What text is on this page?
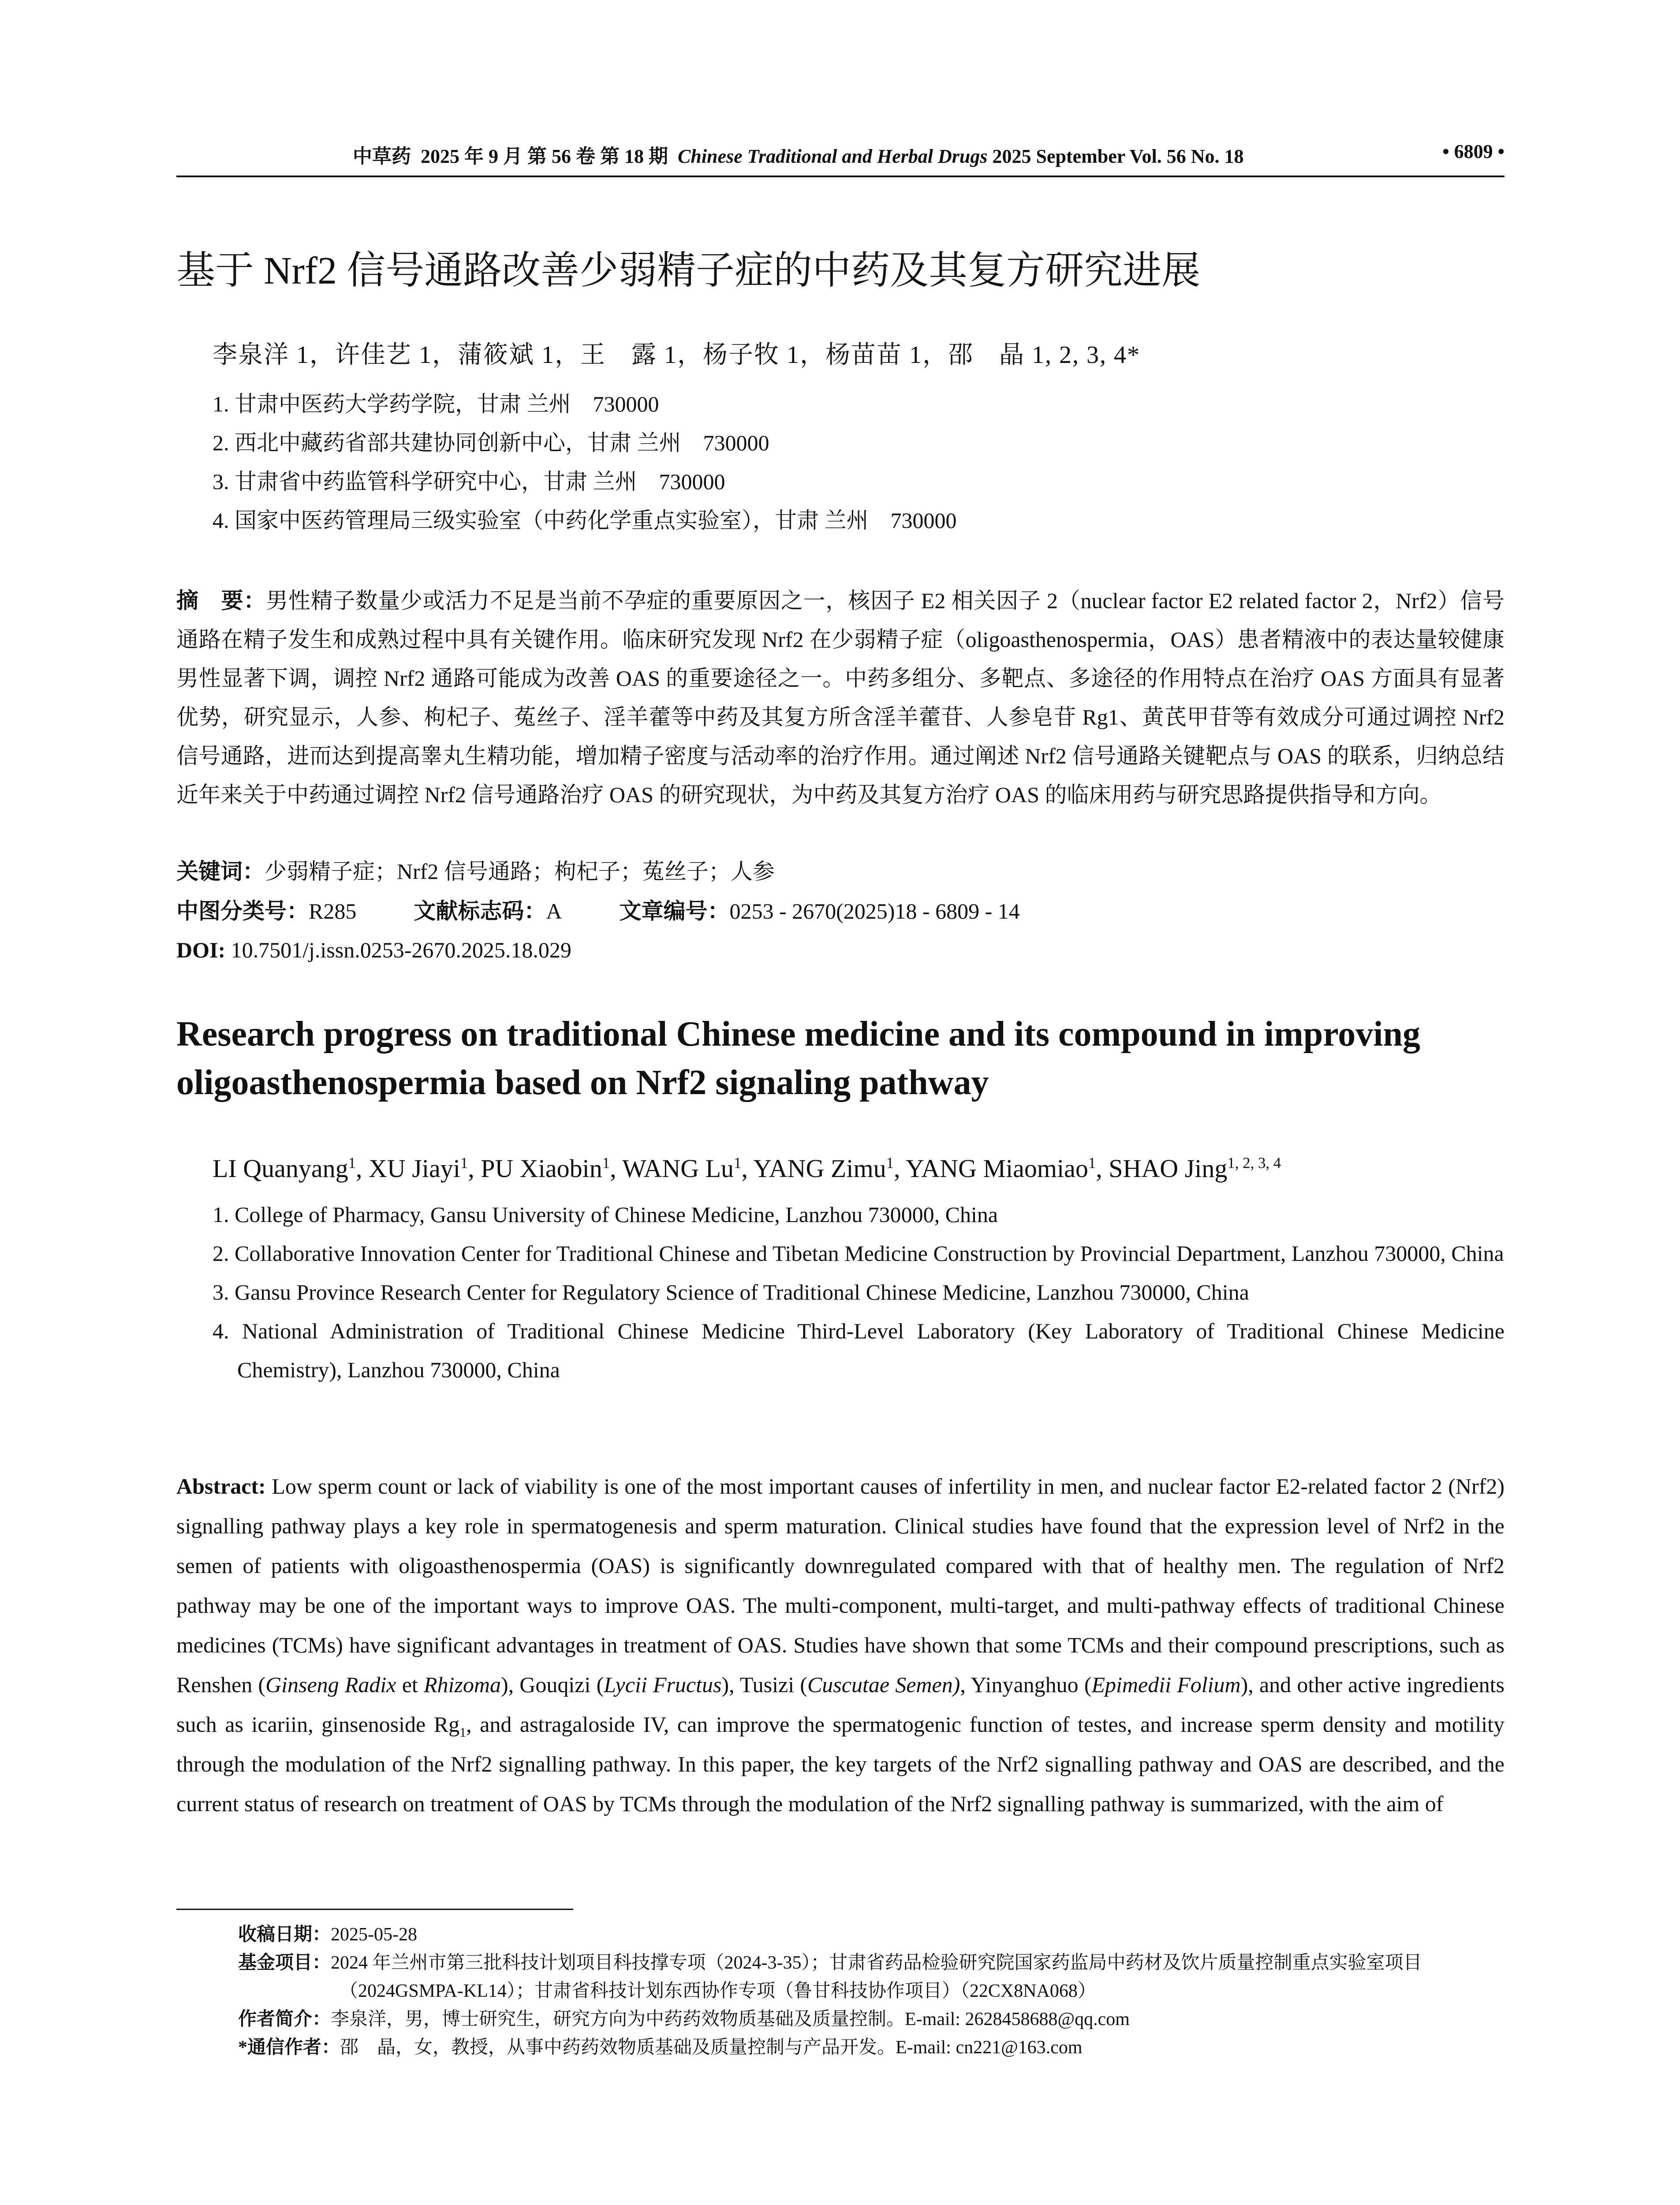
中草药 2025 年 9 月 第 56 卷 第 18 期 Chinese Traditional and Herbal Drugs 2025 September Vol. 56 No. 18	• 6809 •
基于 Nrf2 信号通路改善少弱精子症的中药及其复方研究进展
李泉洋 1，许佳艺 1，蒲筱斌 1，王　露 1，杨子牧 1，杨苗苗 1，邵　晶 1, 2, 3, 4*
1. 甘肃中医药大学药学院，甘肃 兰州　730000
2. 西北中藏药省部共建协同创新中心，甘肃 兰州　730000
3. 甘肃省中药监管科学研究中心，甘肃 兰州　730000
4. 国家中医药管理局三级实验室（中药化学重点实验室），甘肃 兰州　730000
摘　要：男性精子数量少或活力不足是当前不孕症的重要原因之一，核因子 E2 相关因子 2（nuclear factor E2 related factor 2，Nrf2）信号通路在精子发生和成熟过程中具有关键作用。临床研究发现 Nrf2 在少弱精子症（oligoasthenospermia，OAS）患者精液中的表达量较健康男性显著下调，调控 Nrf2 通路可能成为改善 OAS 的重要途径之一。中药多组分、多靶点、多途径的作用特点在治疗 OAS 方面具有显著优势，研究显示，人参、枸杞子、菟丝子、淫羊藿等中药及其复方所含淫羊藿苷、人参皂苷 Rg1、黄芪甲苷等有效成分可通过调控 Nrf2 信号通路，进而达到提高睾丸生精功能，增加精子密度与活动率的治疗作用。通过阐述 Nrf2 信号通路关键靶点与 OAS 的联系，归纳总结近年来关于中药通过调控 Nrf2 信号通路治疗 OAS 的研究现状，为中药及其复方治疗 OAS 的临床用药与研究思路提供指导和方向。
关键词：少弱精子症；Nrf2 信号通路；枸杞子；菟丝子；人参
中图分类号：R285	文献标志码：A	文章编号：0253 - 2670(2025)18 - 6809 - 14
DOI: 10.7501/j.issn.0253-2670.2025.18.029
Research progress on traditional Chinese medicine and its compound in improving oligoasthenospermia based on Nrf2 signaling pathway
LI Quanyang$^1$, XU Jiayi$^1$, PU Xiaobin$^1$, WANG Lu$^1$, YANG Zimu$^1$, YANG Miaomiao$^1$, SHAO Jing$^{1, 2, 3, 4}$
1. College of Pharmacy, Gansu University of Chinese Medicine, Lanzhou 730000, China
2. Collaborative Innovation Center for Traditional Chinese and Tibetan Medicine Construction by Provincial Department, Lanzhou 730000, China
3. Gansu Province Research Center for Regulatory Science of Traditional Chinese Medicine, Lanzhou 730000, China
4. National Administration of Traditional Chinese Medicine Third-Level Laboratory (Key Laboratory of Traditional Chinese Medicine Chemistry), Lanzhou 730000, China
Abstract: Low sperm count or lack of viability is one of the most important causes of infertility in men, and nuclear factor E2-related factor 2 (Nrf2) signalling pathway plays a key role in spermatogenesis and sperm maturation. Clinical studies have found that the expression level of Nrf2 in the semen of patients with oligoasthenospermia (OAS) is significantly downregulated compared with that of healthy men. The regulation of Nrf2 pathway may be one of the important ways to improve OAS. The multi-component, multi-target, and multi-pathway effects of traditional Chinese medicines (TCMs) have significant advantages in treatment of OAS. Studies have shown that some TCMs and their compound prescriptions, such as Renshen (Ginseng Radix et Rhizoma), Gouqizi (Lycii Fructus), Tusizi (Cuscutae Semen), Yinyanghuo (Epimedii Folium), and other active ingredients such as icariin, ginsenoside $Rg_1$, and astragaloside IV, can improve the spermatogenic function of testes, and increase sperm density and motility through the modulation of the Nrf2 signalling pathway. In this paper, the key targets of the Nrf2 signalling pathway and OAS are described, and the current status of research on treatment of OAS by TCMs through the modulation of the Nrf2 signalling pathway is summarized, with the aim of
收稿日期：2025-05-28
基金项目：2024 年兰州市第三批科技计划项目科技撑专项（2024-3-35）；甘肃省药品检验研究院国家药监局中药材及饮片质量控制重点实验室项目（2024GSMPA-KL14）；甘肃省科技计划东西协作专项（鲁甘科技协作项目）（22CX8NA068）
作者简介：李泉洋，男，博士研究生，研究方向为中药药效物质基础及质量控制。E-mail: 2628458688@qq.com
*通信作者：邵　晶，女，教授，从事中药药效物质基础及质量控制与产品开发。E-mail: cn221@163.com
